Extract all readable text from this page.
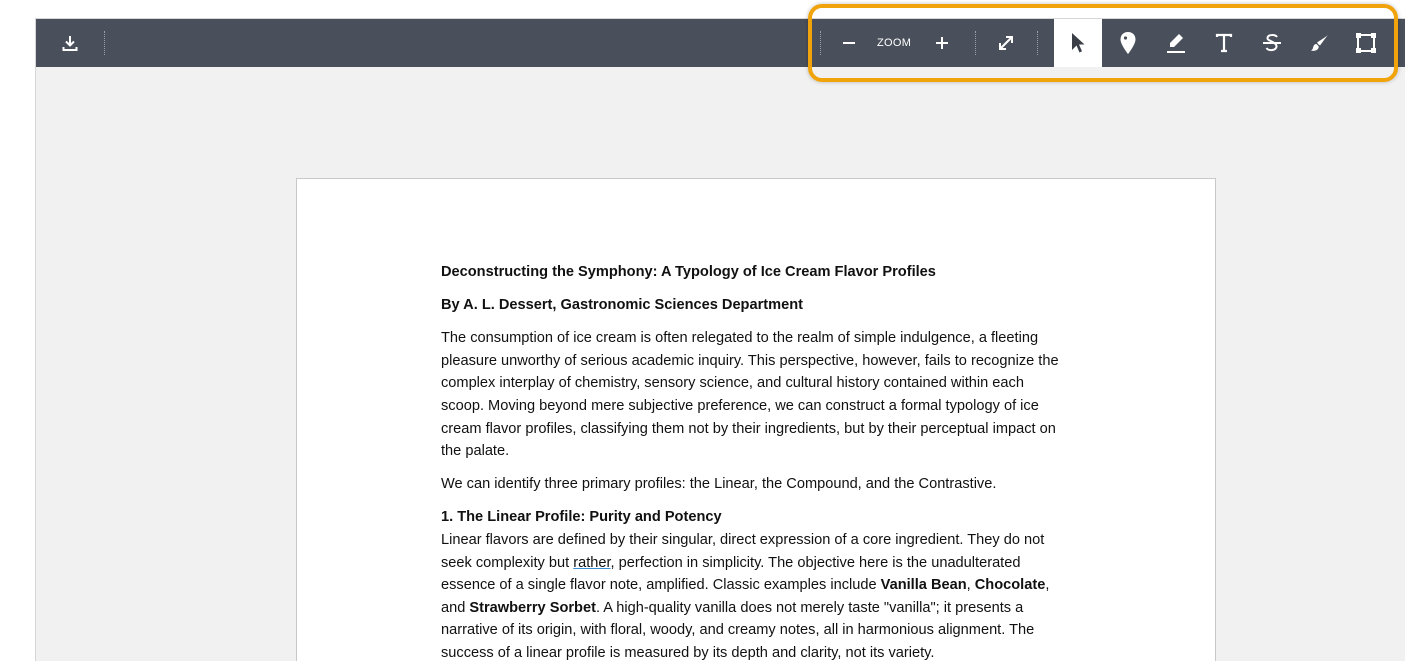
ZOOM

Deconstructing the Symphony: A Typology of Ice Cream Flavor Profiles

By A. L. Dessert, Gastronomic Sciences Department

The consumption of ice cream is often relegated to the realm of simple indulgence, a fleeting pleasure unworthy of serious academic inquiry. This perspective, however, fails to recognize the complex interplay of chemistry, sensory science, and cultural history contained within each scoop. Moving beyond mere subjective preference, we can construct a formal typology of ice cream flavor profiles, classifying them not by their ingredients, but by their perceptual impact on the palate.

We can identify three primary profiles: the Linear, the Compound, and the Contrastive.

1. The Linear Profile: Purity and Potency

Linear flavors are defined by their singular, direct expression of a core ingredient. They do not seek complexity but rather, perfection in simplicity. The objective here is the unadulterated essence of a single flavor note, amplified. Classic examples include Vanilla Bean, Chocolate, and Strawberry Sorbet. A high-quality vanilla does not merely taste "vanilla"; it presents a narrative of its origin, with floral, woody, and creamy notes, all in harmonious alignment. The success of a linear profile is measured by its depth and clarity, not its variety.
